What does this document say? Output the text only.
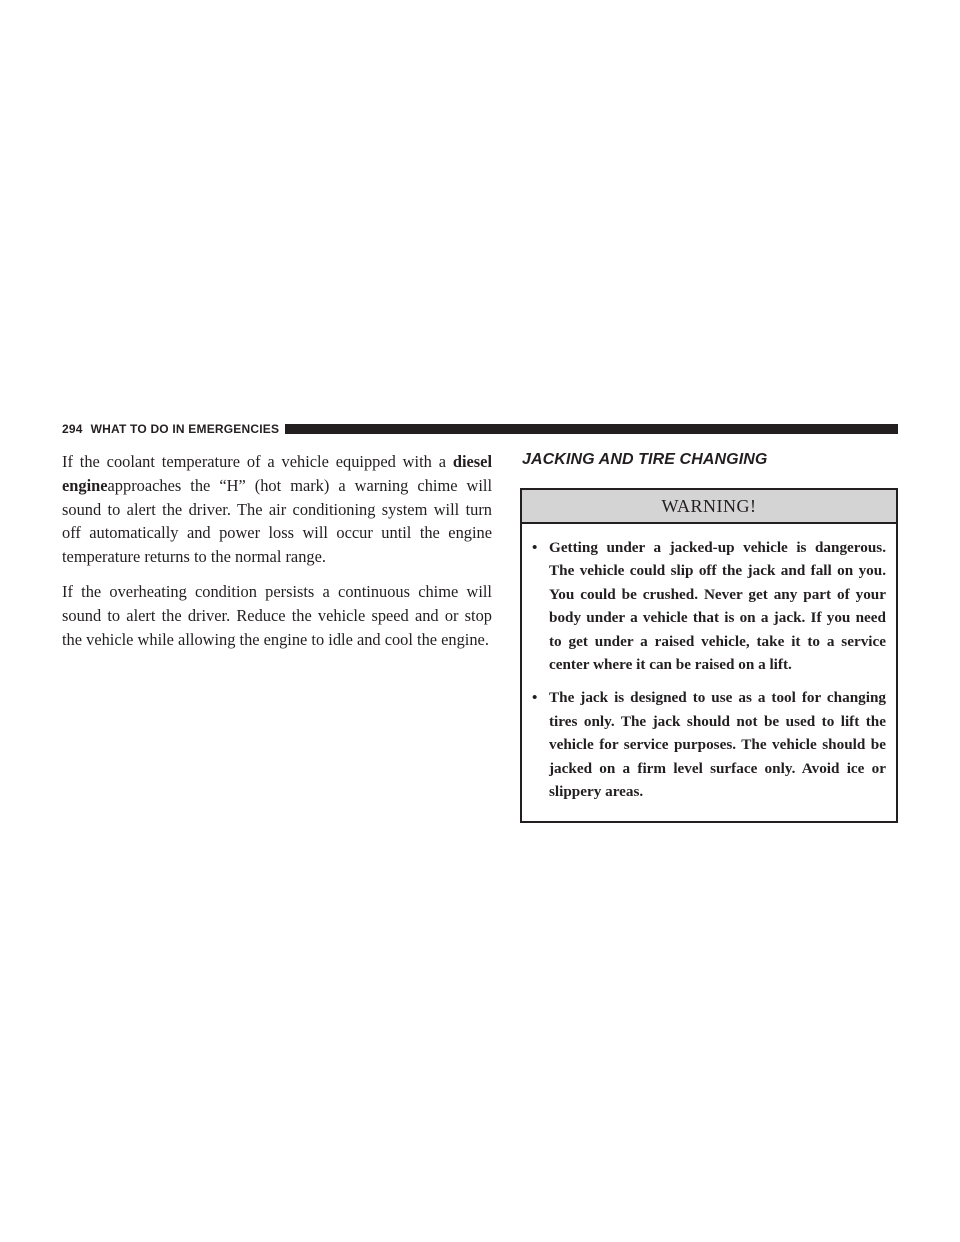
294 WHAT TO DO IN EMERGENCIES

If the coolant temperature of a vehicle equipped with a diesel engineapproaches the “H” (hot mark) a warning chime will sound to alert the driver. The air conditioning system will turn off automatically and power loss will occur until the engine temperature returns to the normal range.

If the overheating condition persists a continuous chime will sound to alert the driver. Reduce the vehicle speed and or stop the vehicle while allowing the engine to idle and cool the engine.

JACKING AND TIRE CHANGING
WARNING!
• Getting under a jacked-up vehicle is dangerous. The vehicle could slip off the jack and fall on you. You could be crushed. Never get any part of your body under a vehicle that is on a jack. If you need to get under a raised vehicle, take it to a service center where it can be raised on a lift.
• The jack is designed to use as a tool for changing tires only. The jack should not be used to lift the vehicle for service purposes. The vehicle should be jacked on a firm level surface only. Avoid ice or slippery areas.
